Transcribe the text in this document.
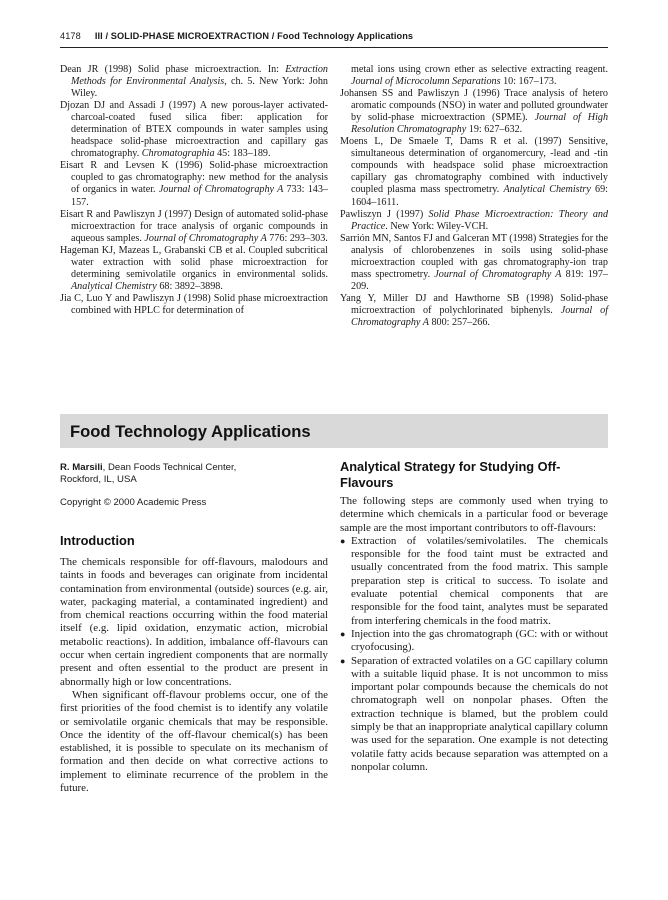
4178 III / SOLID-PHASE MICROEXTRACTION / Food Technology Applications

Dean JR (1998) Solid phase microextraction. In: Extraction Methods for Environmental Analysis, ch. 5. New York: John Wiley.

Djozan DJ and Assadi J (1997) A new porous-layer activated-charcoal-coated fused silica fiber: application for determination of BTEX compounds in water samples using headspace solid-phase microextraction and capillary gas chromatography. Chromatographia 45: 183–189.

Eisart R and Levsen K (1996) Solid-phase microextraction coupled to gas chromatography: new method for the analysis of organics in water. Journal of Chromatography A 733: 143–157.

Eisart R and Pawliszyn J (1997) Design of automated solid-phase microextraction for trace analysis of organic compounds in aqueous samples. Journal of Chromatography A 776: 293–303.

Hageman KJ, Mazeas L, Grabanski CB et al. Coupled subcritical water extraction with solid phase microextraction for determining semivolatile organics in environmental solids. Analytical Chemistry 68: 3892–3898.

Jia C, Luo Y and Pawliszyn J (1998) Solid phase microextraction combined with HPLC for determination of

metal ions using crown ether as selective extracting reagent. Journal of Microcolumn Separations 10: 167–173.

Johansen SS and Pawliszyn J (1996) Trace analysis of hetero aromatic compounds (NSO) in water and polluted groundwater by solid-phase microextraction (SPME). Journal of High Resolution Chromatography 19: 627–632.

Moens L, De Smaele T, Dams R et al. (1997) Sensitive, simultaneous determination of organomercury, -lead and -tin compounds with headspace solid phase microextraction capillary gas chromatography combined with inductively coupled plasma mass spectrometry. Analytical Chemistry 69: 1604–1611.

Pawliszyn J (1997) Solid Phase Microextraction: Theory and Practice. New York: Wiley-VCH.

Sarrión MN, Santos FJ and Galceran MT (1998) Strategies for the analysis of chlorobenzenes in soils using solid-phase microextraction coupled with gas chromatography-ion trap mass spectrometry. Journal of Chromatography A 819: 197–209.

Yang Y, Miller DJ and Hawthorne SB (1998) Solid-phase microextraction of polychlorinated biphenyls. Journal of Chromatography A 800: 257–266.

Food Technology Applications
R. Marsili, Dean Foods Technical Center,
Rockford, IL, USA
Copyright © 2000 Academic Press
Introduction

The chemicals responsible for off-flavours, malodours and taints in foods and beverages can originate from incidental contamination from environmental (outside) sources (e.g. air, water, packaging material, a contaminated ingredient) and from chemical reactions occurring within the food material itself (e.g. lipid oxidation, enzymatic action, microbial metabolic reactions). In addition, imbalance off-flavours can occur when certain ingredient components that are normally present and often essential to the product are present in abnormally high or low concentrations.

When significant off-flavour problems occur, one of the first priorities of the food chemist is to identify any volatile or semivolatile organic chemicals that may be responsible. Once the identity of the off-flavour chemical(s) has been established, it is possible to speculate on its mechanism of formation and then decide on what corrective actions to implement to eliminate recurrence of the problem in the future.

Analytical Strategy for Studying Off-Flavours

The following steps are commonly used when trying to determine which chemicals in a particular food or beverage sample are the most important contributors to off-flavours:

● Extraction of volatiles/semivolatiles. The chemicals responsible for the food taint must be extracted and usually concentrated from the food matrix. This sample preparation step is critical to success. To isolate and evaluate potential chemical components that are responsible for the food taint, analytes must be separated from interfering chemicals in the food matrix.
● Injection into the gas chromatograph (GC: with or without cryofocusing).
● Separation of extracted volatiles on a GC capillary column with a suitable liquid phase. It is not uncommon to miss important polar compounds because the chemicals do not chromatograph well on nonpolar phases. Often the extraction technique is blamed, but the problem could simply be that an inappropriate analytical capillary column was used for the separation. One example is not detecting volatile fatty acids because separation was attempted on a nonpolar column.
